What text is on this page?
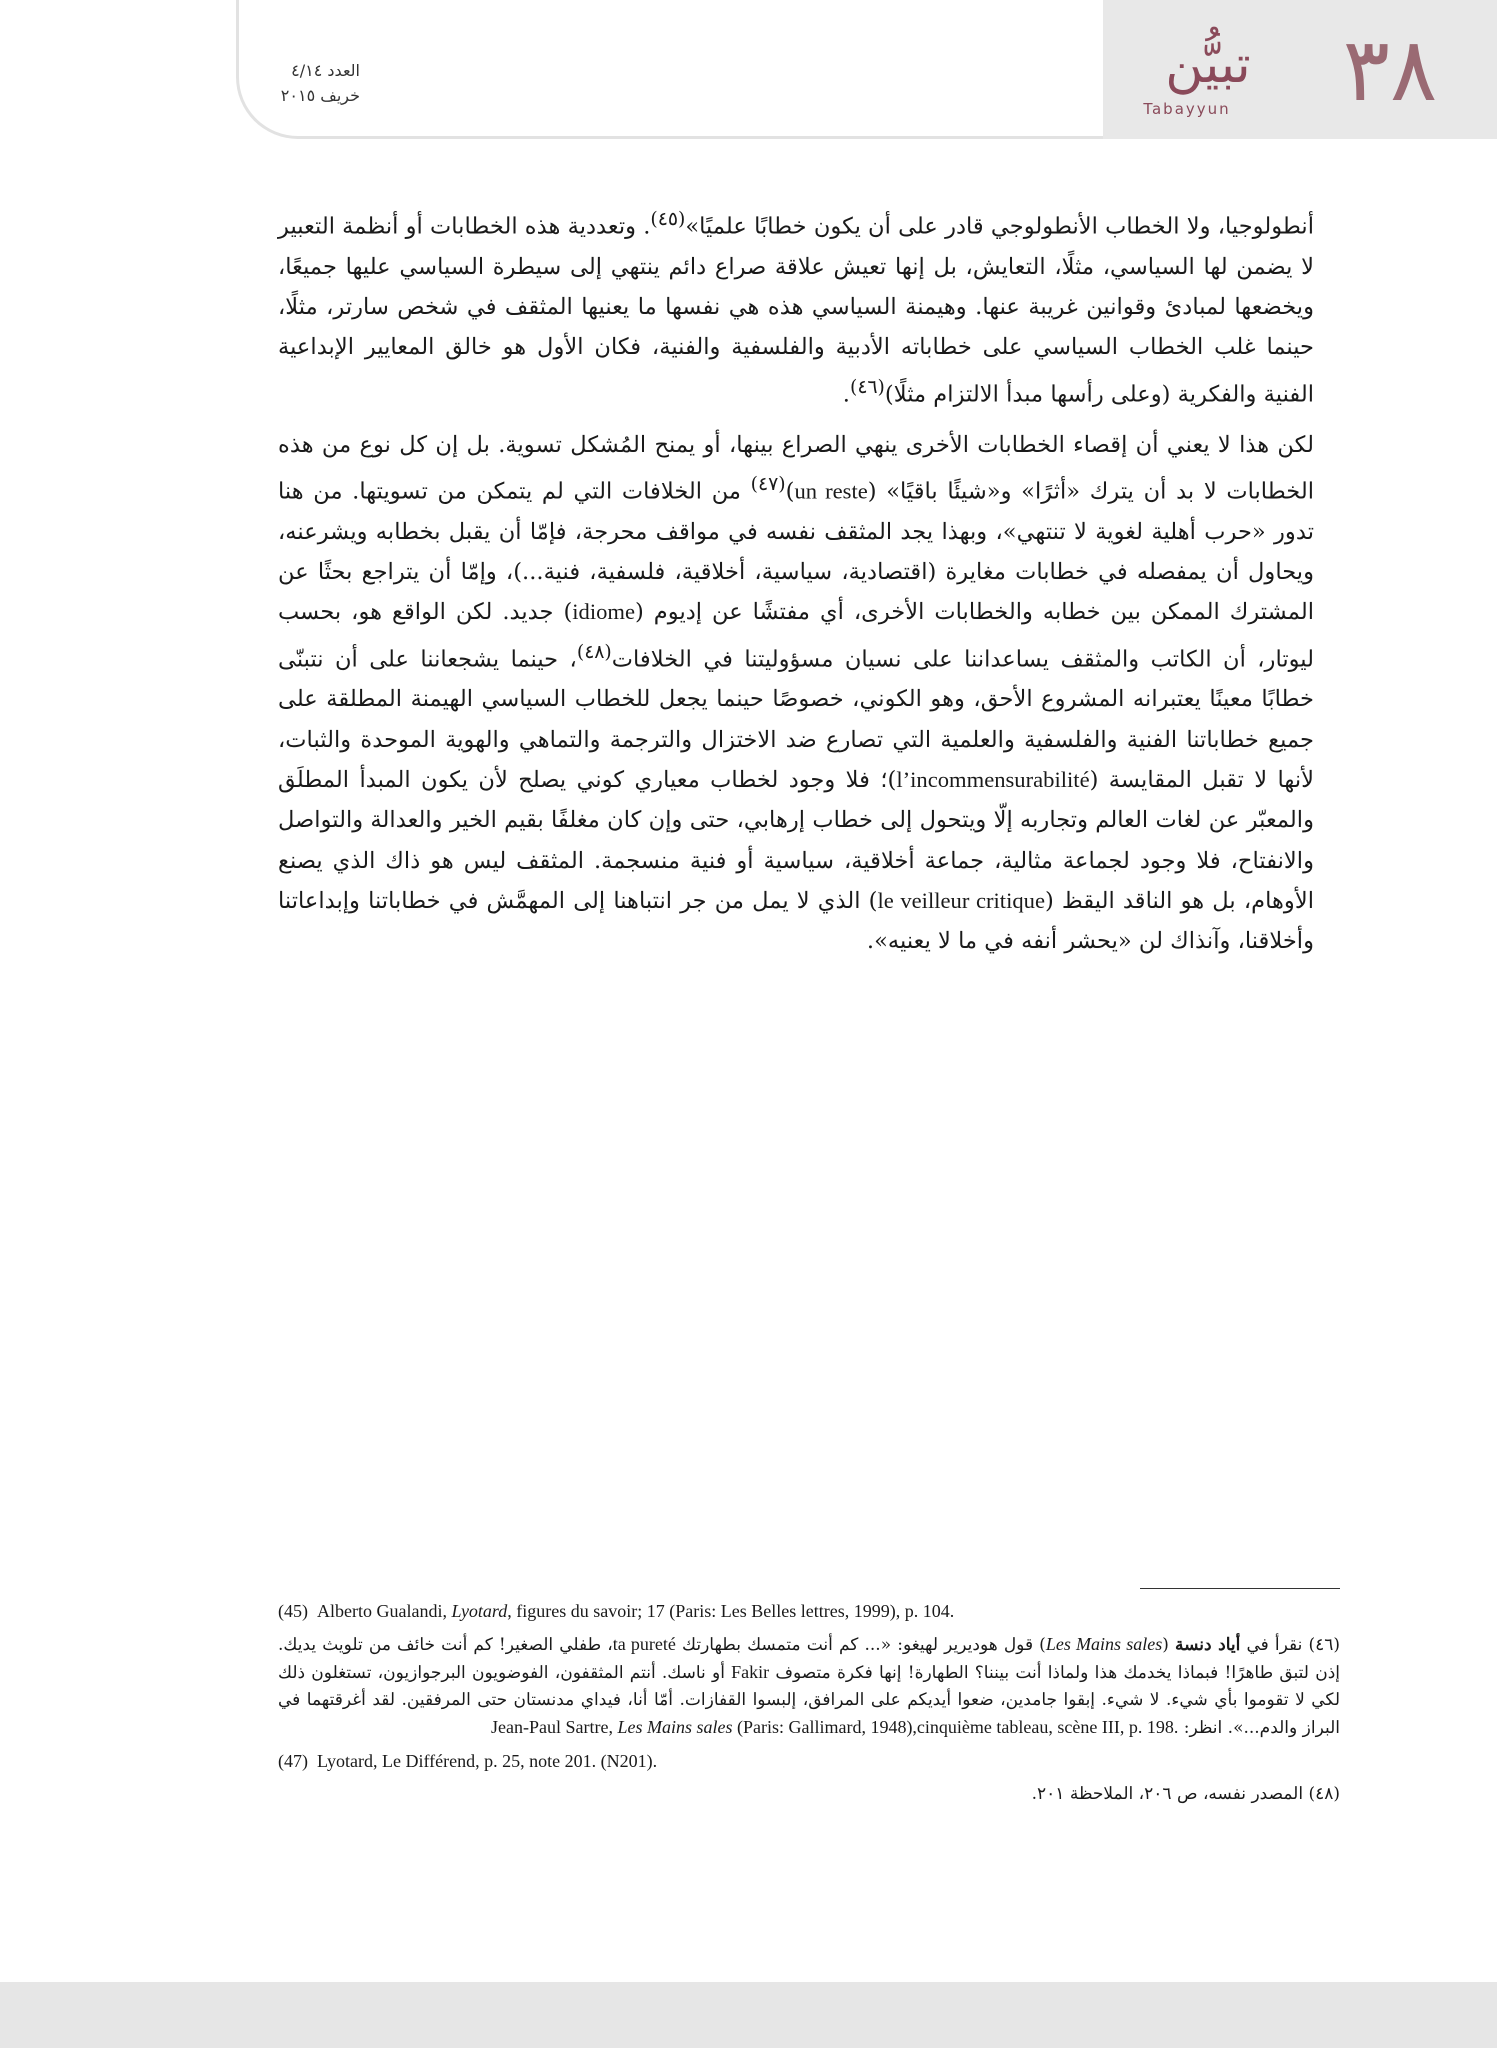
٣٨
تبيُّن
Tabayyun
العدد ٤/١٤
خريف ٢٠١٥

أنطولوجيا، ولا الخطاب الأنطولوجي قادر على أن يكون خطابًا علميًا»$^{(٤٥)}$. وتعددية هذه الخطابات أو أنظمة التعبير لا يضمن لها السياسي، مثلًا، التعايش، بل إنها تعيش علاقة صراع دائم ينتهي إلى سيطرة السياسي عليها جميعًا، ويخضعها لمبادئ وقوانين غريبة عنها. وهيمنة السياسي هذه هي نفسها ما يعنيها المثقف في شخص سارتر، مثلًا، حينما غلب الخطاب السياسي على خطاباته الأدبية والفلسفية والفنية، فكان الأول هو خالق المعايير الإبداعية الفنية والفكرية (وعلى رأسها مبدأ الالتزام مثلًا)$^{(٤٦)}$.

لكن هذا لا يعني أن إقصاء الخطابات الأخرى ينهي الصراع بينها، أو يمنح المُشكل تسوية. بل إن كل نوع من هذه الخطابات لا بد أن يترك «أثرًا» و«شيئًا باقيًا» (un reste)$^{(٤٧)}$ من الخلافات التي لم يتمكن من تسويتها. من هنا تدور «حرب أهلية لغوية لا تنتهي»، وبهذا يجد المثقف نفسه في مواقف محرجة، فإمّا أن يقبل بخطابه ويشرعنه، ويحاول أن يمفصله في خطابات مغايرة (اقتصادية، سياسية، أخلاقية، فلسفية، فنية...)، وإمّا أن يتراجع بحثًا عن المشترك الممكن بين خطابه والخطابات الأخرى، أي مفتشًا عن إديوم (idiome) جديد. لكن الواقع هو، بحسب ليوتار، أن الكاتب والمثقف يساعداننا على نسيان مسؤوليتنا في الخلافات$^{(٤٨)}$، حينما يشجعاننا على أن نتبنّى خطابًا معينًا يعتبرانه المشروع الأحق، وهو الكوني، خصوصًا حينما يجعل للخطاب السياسي الهيمنة المطلقة على جميع خطاباتنا الفنية والفلسفية والعلمية التي تصارع ضد الاختزال والترجمة والتماهي والهوية الموحدة والثبات، لأنها لا تقبل المقايسة (l’incommensurabilité)؛ فلا وجود لخطاب معياري كوني يصلح لأن يكون المبدأ المطلَق والمعبّر عن لغات العالم وتجاربه إلّا ويتحول إلى خطاب إرهابي، حتى وإن كان مغلفًا بقيم الخير والعدالة والتواصل والانفتاح، فلا وجود لجماعة مثالية، جماعة أخلاقية، سياسية أو فنية منسجمة. المثقف ليس هو ذاك الذي يصنع الأوهام، بل هو الناقد اليقظ (le veilleur critique) الذي لا يمل من جر انتباهنا إلى المهمَّش في خطاباتنا وإبداعاتنا وأخلاقنا، وآنذاك لن «يحشر أنفه في ما لا يعنيه».

(45) Alberto Gualandi, Lyotard, figures du savoir; 17 (Paris: Les Belles lettres, 1999), p. 104.
(٤٦) نقرأ في أياد دنسة (Les Mains sales) قول هوديرير لهيغو: «... كم أنت متمسك بطهارتك ta pureté، طفلي الصغير! كم أنت خائف من تلويث يديك. إذن لتبق طاهرًا! فبماذا يخدمك هذا ولماذا أنت بيننا؟ الطهارة! إنها فكرة متصوف Fakir أو ناسك. أنتم المثقفون، الفوضويون البرجوازيون، تستغلون ذلك لكي لا تقوموا بأي شيء. لا شيء. إبقوا جامدين، ضعوا أيديكم على المرافق، إلبسوا القفازات. أمّا أنا، فيداي مدنستان حتى المرفقين. لقد أغرقتهما في البراز والدم...». انظر: Jean-Paul Sartre, Les Mains sales (Paris: Gallimard, 1948),cinquième tableau, scène III, p. 198.
(47) Lyotard, Le Différend, p. 25, note 201. (N201).
(٤٨) المصدر نفسه، ص ٢٠٦، الملاحظة ٢٠١.
